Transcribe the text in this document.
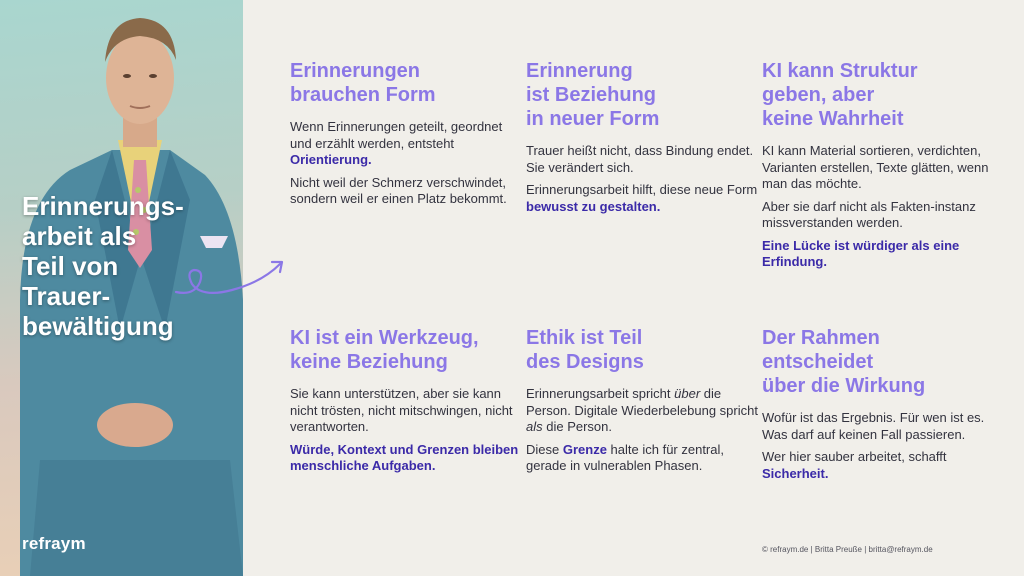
Erinnerungs-
arbeit als
Teil von
Trauer-
bewältigung
refraym
Erinnerungen
brauchen Form

Wenn Erinnerungen geteilt, geordnet und erzählt werden, entsteht Orientierung.

Nicht weil der Schmerz verschwindet, sondern weil er einen Platz bekommt.

Erinnerung
ist Beziehung
in neuer Form

Trauer heißt nicht, dass Bindung endet. Sie verändert sich.

Erinnerungsarbeit hilft, diese neue Form bewusst zu gestalten.

KI kann Struktur
geben, aber
keine Wahrheit

KI kann Material sortieren, verdichten, Varianten erstellen, Texte glätten, wenn man das möchte.

Aber sie darf nicht als Fakten-instanz missverstanden werden.

Eine Lücke ist würdiger als eine Erfindung.

KI ist ein Werkzeug,
keine Beziehung

Sie kann unterstützen, aber sie kann nicht trösten, nicht mitschwingen, nicht verantworten.

Würde, Kontext und Grenzen bleiben menschliche Aufgaben.

Ethik ist Teil
des Designs

Erinnerungsarbeit spricht über die Person. Digitale Wiederbelebung spricht als die Person.

Diese Grenze halte ich für zentral, gerade in vulnerablen Phasen.

Der Rahmen
entscheidet
über die Wirkung

Wofür ist das Ergebnis. Für wen ist es. Was darf auf keinen Fall passieren.

Wer hier sauber arbeitet, schafft Sicherheit.

© refraym.de | Britta Preuße | britta@refraym.de
